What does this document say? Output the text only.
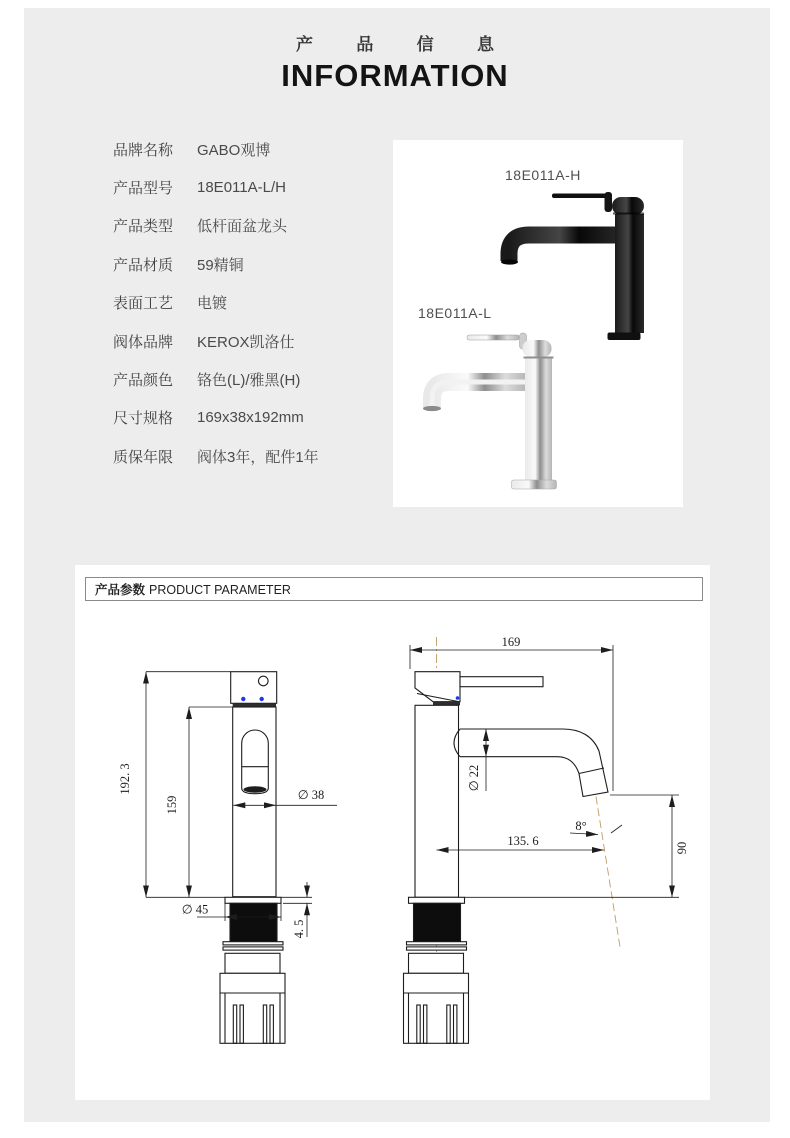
产品信息
INFORMATION
品牌名称	GABO观博
产品型号	18E011A-L/H
产品类型	低杆面盆龙头
产品材质	59精铜
表面工艺	电镀
阀体品牌	KEROX凯洛仕
产品颜色	铬色(L)/雅黑(H)
尺寸规格	169x38x192mm
质保年限	阀体3年，配件1年
18E011A-H
18E011A-L
产品参数 PRODUCT PARAMETER
192. 3
159
∅ 38
∅ 45
4. 5
169
∅ 22
8°
135. 6	90
